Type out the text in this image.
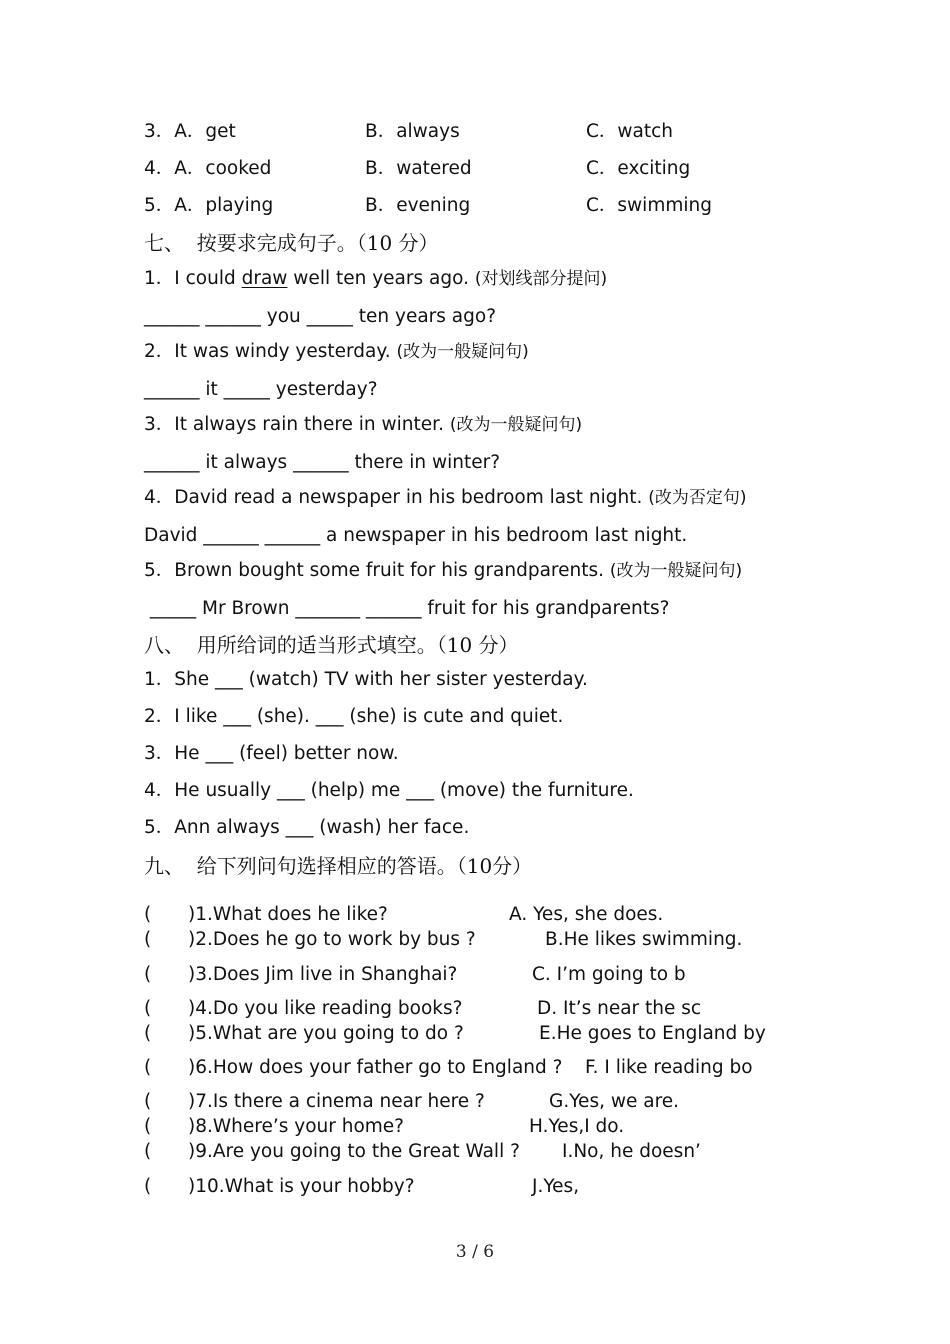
3．A．get	B．always	C．watch
4．A．cooked	B．watered	C．exciting
5．A．playing	B．evening	C．swimming
七、  按要求完成句子。（10 分）
1．I could draw well ten years ago. (对划线部分提问)
______ ______ you _____ ten years ago?
2．It was windy yesterday. (改为一般疑问句)
______ it _____ yesterday?
3．It always rain there in winter. (改为一般疑问句)
______ it always ______ there in winter?
4．David read a newspaper in his bedroom last night. (改为否定句)
David ______ ______ a newspaper in his bedroom last night.
5．Brown bought some fruit for his grandparents. (改为一般疑问句)
_____ Mr Brown _______ ______ fruit for his grandparents?
八、  用所给词的适当形式填空。（10 分）
1．She ___ (watch) TV with her sister yesterday.
2．I like ___ (she). ___ (she) is cute and quiet.
3．He ___ (feel) better now.
4．He usually ___ (help) me ___ (move) the furniture.
5．Ann always ___ (wash) her face.
九、  给下列问句选择相应的答语。（10分）
( )1.What does he like?	A. Yes, she does.
( )2.Does he go to work by bus ?	B.He likes swimming.
( )3.Does Jim live in Shanghai?	C. I’m going to b
( )4.Do you like reading books?	D. It’s near the sc
( )5.What are you going to do ?	E.He goes to England by
( )6.How does your father go to England ? F. I like reading bo
( )7.Is there a cinema near here ?	G.Yes, we are.
( )8.Where’s your home?	H.Yes,I do.
( )9.Are you going to the Great Wall ? I.No, he doesn’
( )10.What is your hobby?	J.Yes,
3 / 6
